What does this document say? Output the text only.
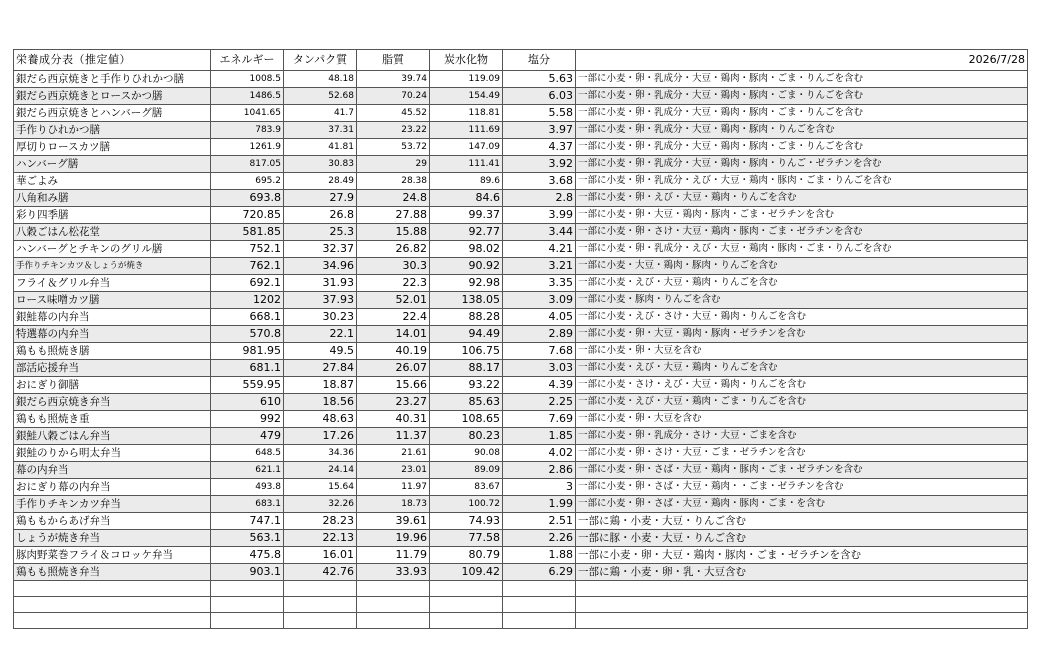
栄養成分表（推定値）	エネルギー	タンパク質	脂質	炭水化物	塩分	2026/7/28
銀だら西京焼きと手作りひれかつ膳	1008.5	48.18	39.74	119.09	5.63	一部に小麦・卵・乳成分・大豆・鶏肉・豚肉・ごま・りんごを含む
銀だら西京焼きとロースかつ膳	1486.5	52.68	70.24	154.49	6.03	一部に小麦・卵・乳成分・大豆・鶏肉・豚肉・ごま・りんごを含む
銀だら西京焼きとハンバーグ膳	1041.65	41.7	45.52	118.81	5.58	一部に小麦・卵・乳成分・大豆・鶏肉・豚肉・ごま・りんごを含む
手作りひれかつ膳	783.9	37.31	23.22	111.69	3.97	一部に小麦・卵・乳成分・大豆・鶏肉・豚肉・りんごを含む
厚切りロースカツ膳	1261.9	41.81	53.72	147.09	4.37	一部に小麦・卵・乳成分・大豆・鶏肉・豚肉・ごま・りんごを含む
ハンバーグ膳	817.05	30.83	29	111.41	3.92	一部に小麦・卵・乳成分・大豆・鶏肉・豚肉・りんご・ゼラチンを含む
華ごよみ	695.2	28.49	28.38	89.6	3.68	一部に小麦・卵・乳成分・えび・大豆・鶏肉・豚肉・ごま・りんごを含む
八角和み膳	693.8	27.9	24.8	84.6	2.8	一部に小麦・卵・えび・大豆・鶏肉・りんごを含む
彩り四季膳	720.85	26.8	27.88	99.37	3.99	一部に小麦・卵・大豆・鶏肉・豚肉・ごま・ゼラチンを含む
八穀ごはん松花堂	581.85	25.3	15.88	92.77	3.44	一部に小麦・卵・さけ・大豆・鶏肉・豚肉・ごま・ゼラチンを含む
ハンバーグとチキンのグリル膳	752.1	32.37	26.82	98.02	4.21	一部に小麦・卵・乳成分・えび・大豆・鶏肉・豚肉・ごま・りんごを含む
手作りチキンカツ＆しょうが焼き	762.1	34.96	30.3	90.92	3.21	一部に小麦・大豆・鶏肉・豚肉・りんごを含む
フライ＆グリル弁当	692.1	31.93	22.3	92.98	3.35	一部に小麦・えび・大豆・鶏肉・りんごを含む
ロース味噌カツ膳	1202	37.93	52.01	138.05	3.09	一部に小麦・豚肉・りんごを含む
銀鮭幕の内弁当	668.1	30.23	22.4	88.28	4.05	一部に小麦・えび・さけ・大豆・鶏肉・りんごを含む
特選幕の内弁当	570.8	22.1	14.01	94.49	2.89	一部に小麦・卵・大豆・鶏肉・豚肉・ゼラチンを含む
鶏もも照焼き膳	981.95	49.5	40.19	106.75	7.68	一部に小麦・卵・大豆を含む
部活応援弁当	681.1	27.84	26.07	88.17	3.03	一部に小麦・えび・大豆・鶏肉・りんごを含む
おにぎり御膳	559.95	18.87	15.66	93.22	4.39	一部に小麦・さけ・えび・大豆・鶏肉・りんごを含む
銀だら西京焼き弁当	610	18.56	23.27	85.63	2.25	一部に小麦・えび・大豆・鶏肉・ごま・りんごを含む
鶏もも照焼き重	992	48.63	40.31	108.65	7.69	一部に小麦・卵・大豆を含む
銀鮭八穀ごはん弁当	479	17.26	11.37	80.23	1.85	一部に小麦・卵・乳成分・さけ・大豆・ごまを含む
銀鮭のりから明太弁当	648.5	34.36	21.61	90.08	4.02	一部に小麦・卵・さけ・大豆・ごま・ゼラチンを含む
幕の内弁当	621.1	24.14	23.01	89.09	2.86	一部に小麦・卵・さば・大豆・鶏肉・豚肉・ごま・ゼラチンを含む
おにぎり幕の内弁当	493.8	15.64	11.97	83.67	3	一部に小麦・卵・さば・大豆・鶏肉・・ごま・ゼラチンを含む
手作りチキンカツ弁当	683.1	32.26	18.73	100.72	1.99	一部に小麦・卵・さば・大豆・鶏肉・豚肉・ごま・を含む
鶏ももからあげ弁当	747.1	28.23	39.61	74.93	2.51	一部に鶏・小麦・大豆・りんご含む
しょうが焼き弁当	563.1	22.13	19.96	77.58	2.26	一部に豚・小麦・大豆・りんご含む
豚肉野菜巻フライ＆コロッケ弁当	475.8	16.01	11.79	80.79	1.88	一部に小麦・卵・大豆・鶏肉・豚肉・ごま・ゼラチンを含む
鶏もも照焼き弁当	903.1	42.76	33.93	109.42	6.29	一部に鶏・小麦・卵・乳・大豆含む
